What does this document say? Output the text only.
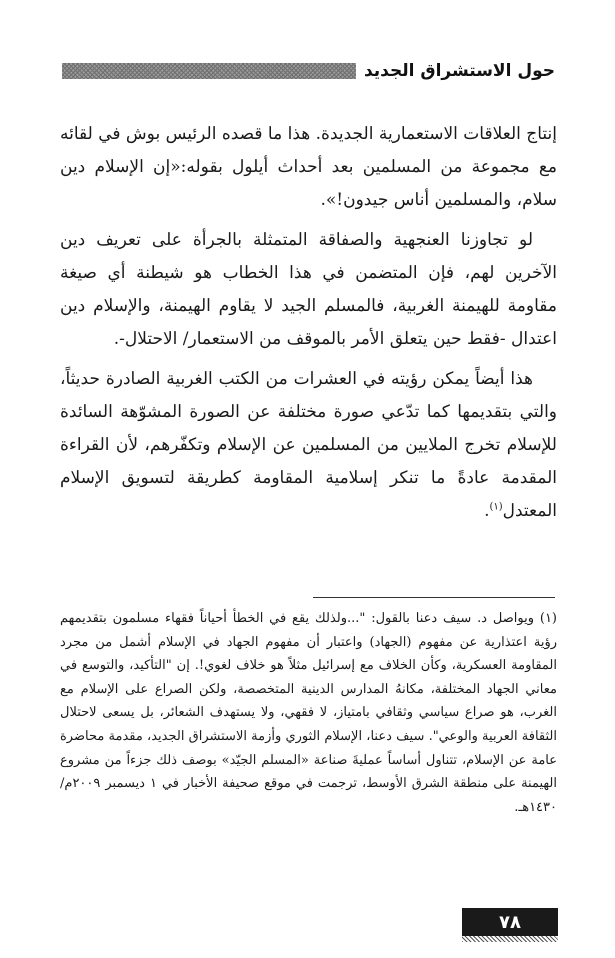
حول الاستشراق الجديد

إنتاج العلاقات الاستعمارية الجديدة. هذا ما قصده الرئيس بوش في لقائه مع مجموعة من المسلمين بعد أحداث أيلول بقوله:«إن الإسلام دين سلام، والمسلمين أناس جيدون!».

لو تجاوزنا العنجهية والصفاقة المتمثلة بالجرأة على تعريف دين الآخرين لهم، فإن المتضمن في هذا الخطاب هو شيطنة أي صيغة مقاومة للهيمنة الغربية، فالمسلم الجيد لا يقاوم الهيمنة، والإسلام دين اعتدال -فقط حين يتعلق الأمر بالموقف من الاستعمار/ الاحتلال-.

هذا أيضاً يمكن رؤيته في العشرات من الكتب الغربية الصادرة حديثاً، والتي بتقديمها كما تدّعي صورة مختلفة عن الصورة المشوّهة السائدة للإسلام تخرج الملايين من المسلمين عن الإسلام وتكفّرهم، لأن القراءة المقدمة عادةً ما تنكر إسلامية المقاومة كطريقة لتسويق الإسلام المعتدل$^{(١)}$.

(١) ويواصل د. سيف دعنا بالقول: "...ولذلك يقع في الخطأ أحياناً فقهاء مسلمون بتقديمهم رؤية اعتذارية عن مفهوم (الجهاد) واعتبار أن مفهوم الجهاد في الإسلام أشمل من مجرد المقاومة العسكرية، وكأن الخلاف مع إسرائيل مثلاً هو خلاف لغوي!. إن "التأكيد، والتوسع في معاني الجهاد المختلفة، مكانهُ المدارس الدينية المتخصصة، ولكن الصراع على الإسلام مع الغرب، هو صراع سياسي وثقافي بامتياز، لا فقهي، ولا يستهدف الشعائر، بل يسعى لاحتلال الثقافة العربية والوعي". سيف دعنا، الإسلام الثوري وأزمة الاستشراق الجديد، مقدمة محاضرة عامة عن الإسلام، تتناول أساساً عمليةَ صناعة «المسلم الجيّد» بوصف ذلك جزءاً من مشروع الهيمنة على منطقة الشرق الأوسط، ترجمت في موقع صحيفة الأخبار في ١ ديسمبر ٢٠٠٩م/ ١٤٣٠هـ.

٧٨
